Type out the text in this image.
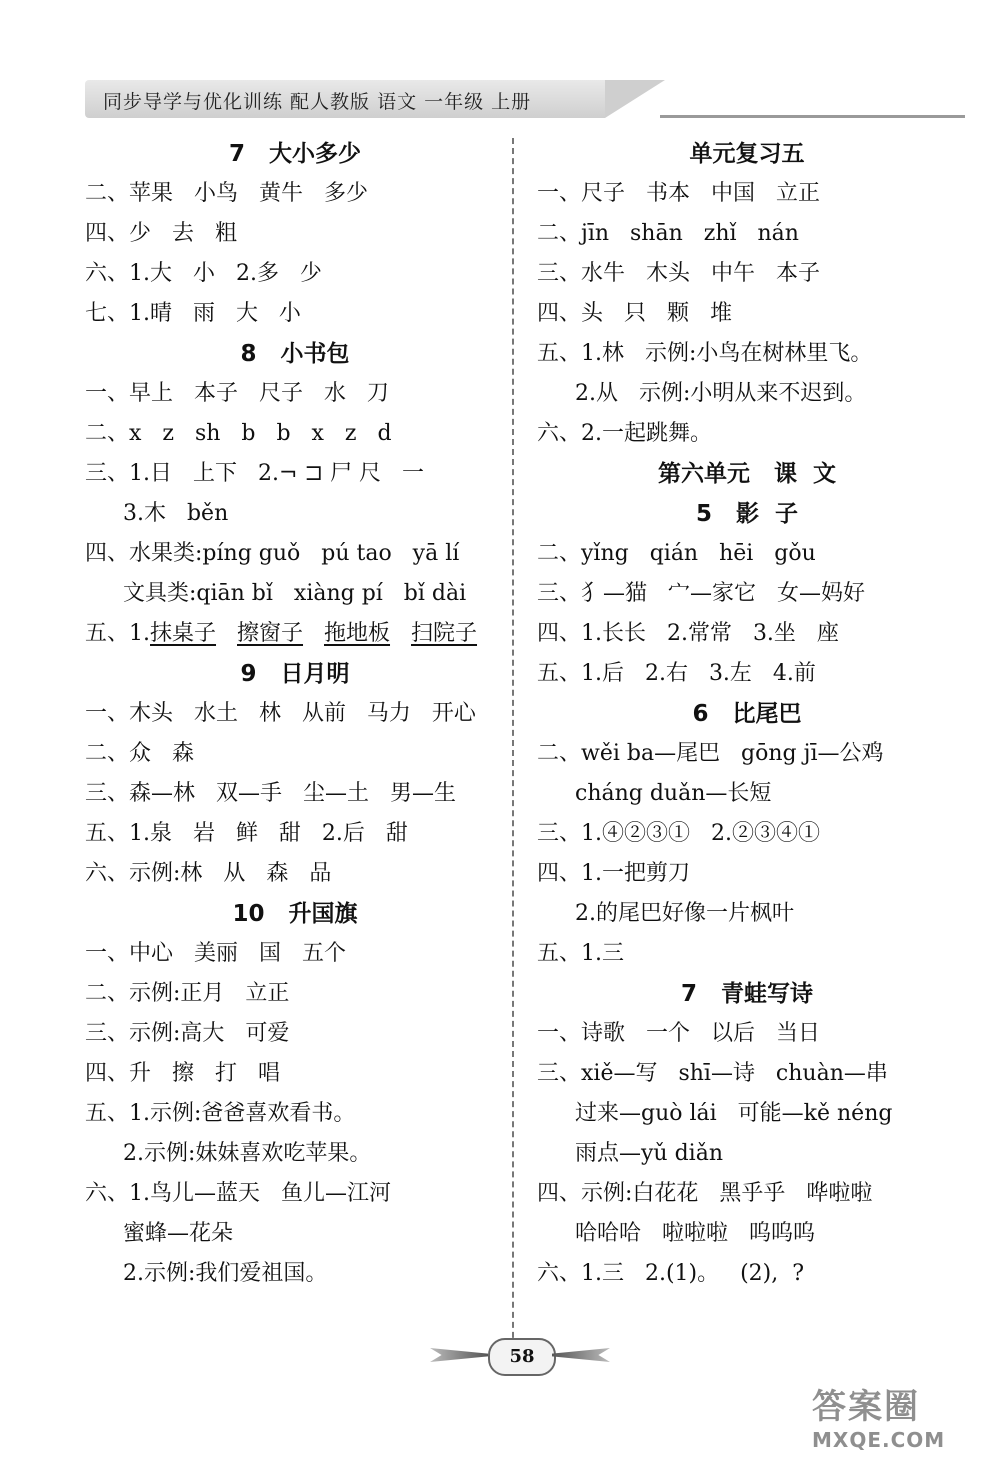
同步导学与优化训练 配人教版 语文 一年级 上册
7   大小多少
二、苹果   小鸟   黄牛   多少
四、少   去   粗
六、1.大   小   2.多   少
七、1.晴   雨   大   小
8   小书包
一、早上   本子   尺子   水   刀
二、x   z   sh   b   b   x   z   d
三、1.日   上下   2.¬ ⊐ 尸 尺   一
3.木   běn
四、水果类:píng guǒ   pú tao   yā lí
文具类:qiān bǐ   xiàng pí   bǐ dài
五、1.抹桌子 擦窗子 拖地板 扫院子
9   日月明
一、木头   水土   林   从前   马力   开心
二、众   森
三、森—林   双—手   尘—土   男—生
五、1.泉   岩   鲜   甜   2.后   甜
六、示例:林   从   森   品
10   升国旗
一、中心   美丽   国   五个
二、示例:正月   立正
三、示例:高大   可爱
四、升   擦   打   唱
五、1.示例:爸爸喜欢看书。
2.示例:妹妹喜欢吃苹果。
六、1.鸟儿—蓝天   鱼儿—江河
蜜蜂—花朵
2.示例:我们爱祖国。
单元复习五
一、尺子   书本   中国   立正
二、jīn   shān   zhǐ   nán
三、水牛   木头   中午   本子
四、头   只   颗   堆
五、1.林   示例:小鸟在树林里飞。
2.从   示例:小明从来不迟到。
六、2.一起跳舞。
第六单元   课  文
5   影  子
二、yǐng   qián   hēi   gǒu
三、犭—猫   宀—家它   女—妈好
四、1.长长   2.常常   3.坐   座
五、1.后   2.右   3.左   4.前
6   比尾巴
二、wěi ba—尾巴   gōng jī—公鸡
cháng duǎn—长短
三、1.④②③①   2.②③④①
四、1.一把剪刀
2.的尾巴好像一片枫叶
五、1.三
7   青蛙写诗
一、诗歌   一个   以后   当日
三、xiě—写   shī—诗   chuàn—串
过来—guò lái   可能—kě néng
雨点—yǔ diǎn
四、示例:白花花   黑乎乎   哗啦啦
哈哈哈   啦啦啦   呜呜呜
六、1.三   2.(1)。   (2),  ?
58
答案圈
MXQE.COM
